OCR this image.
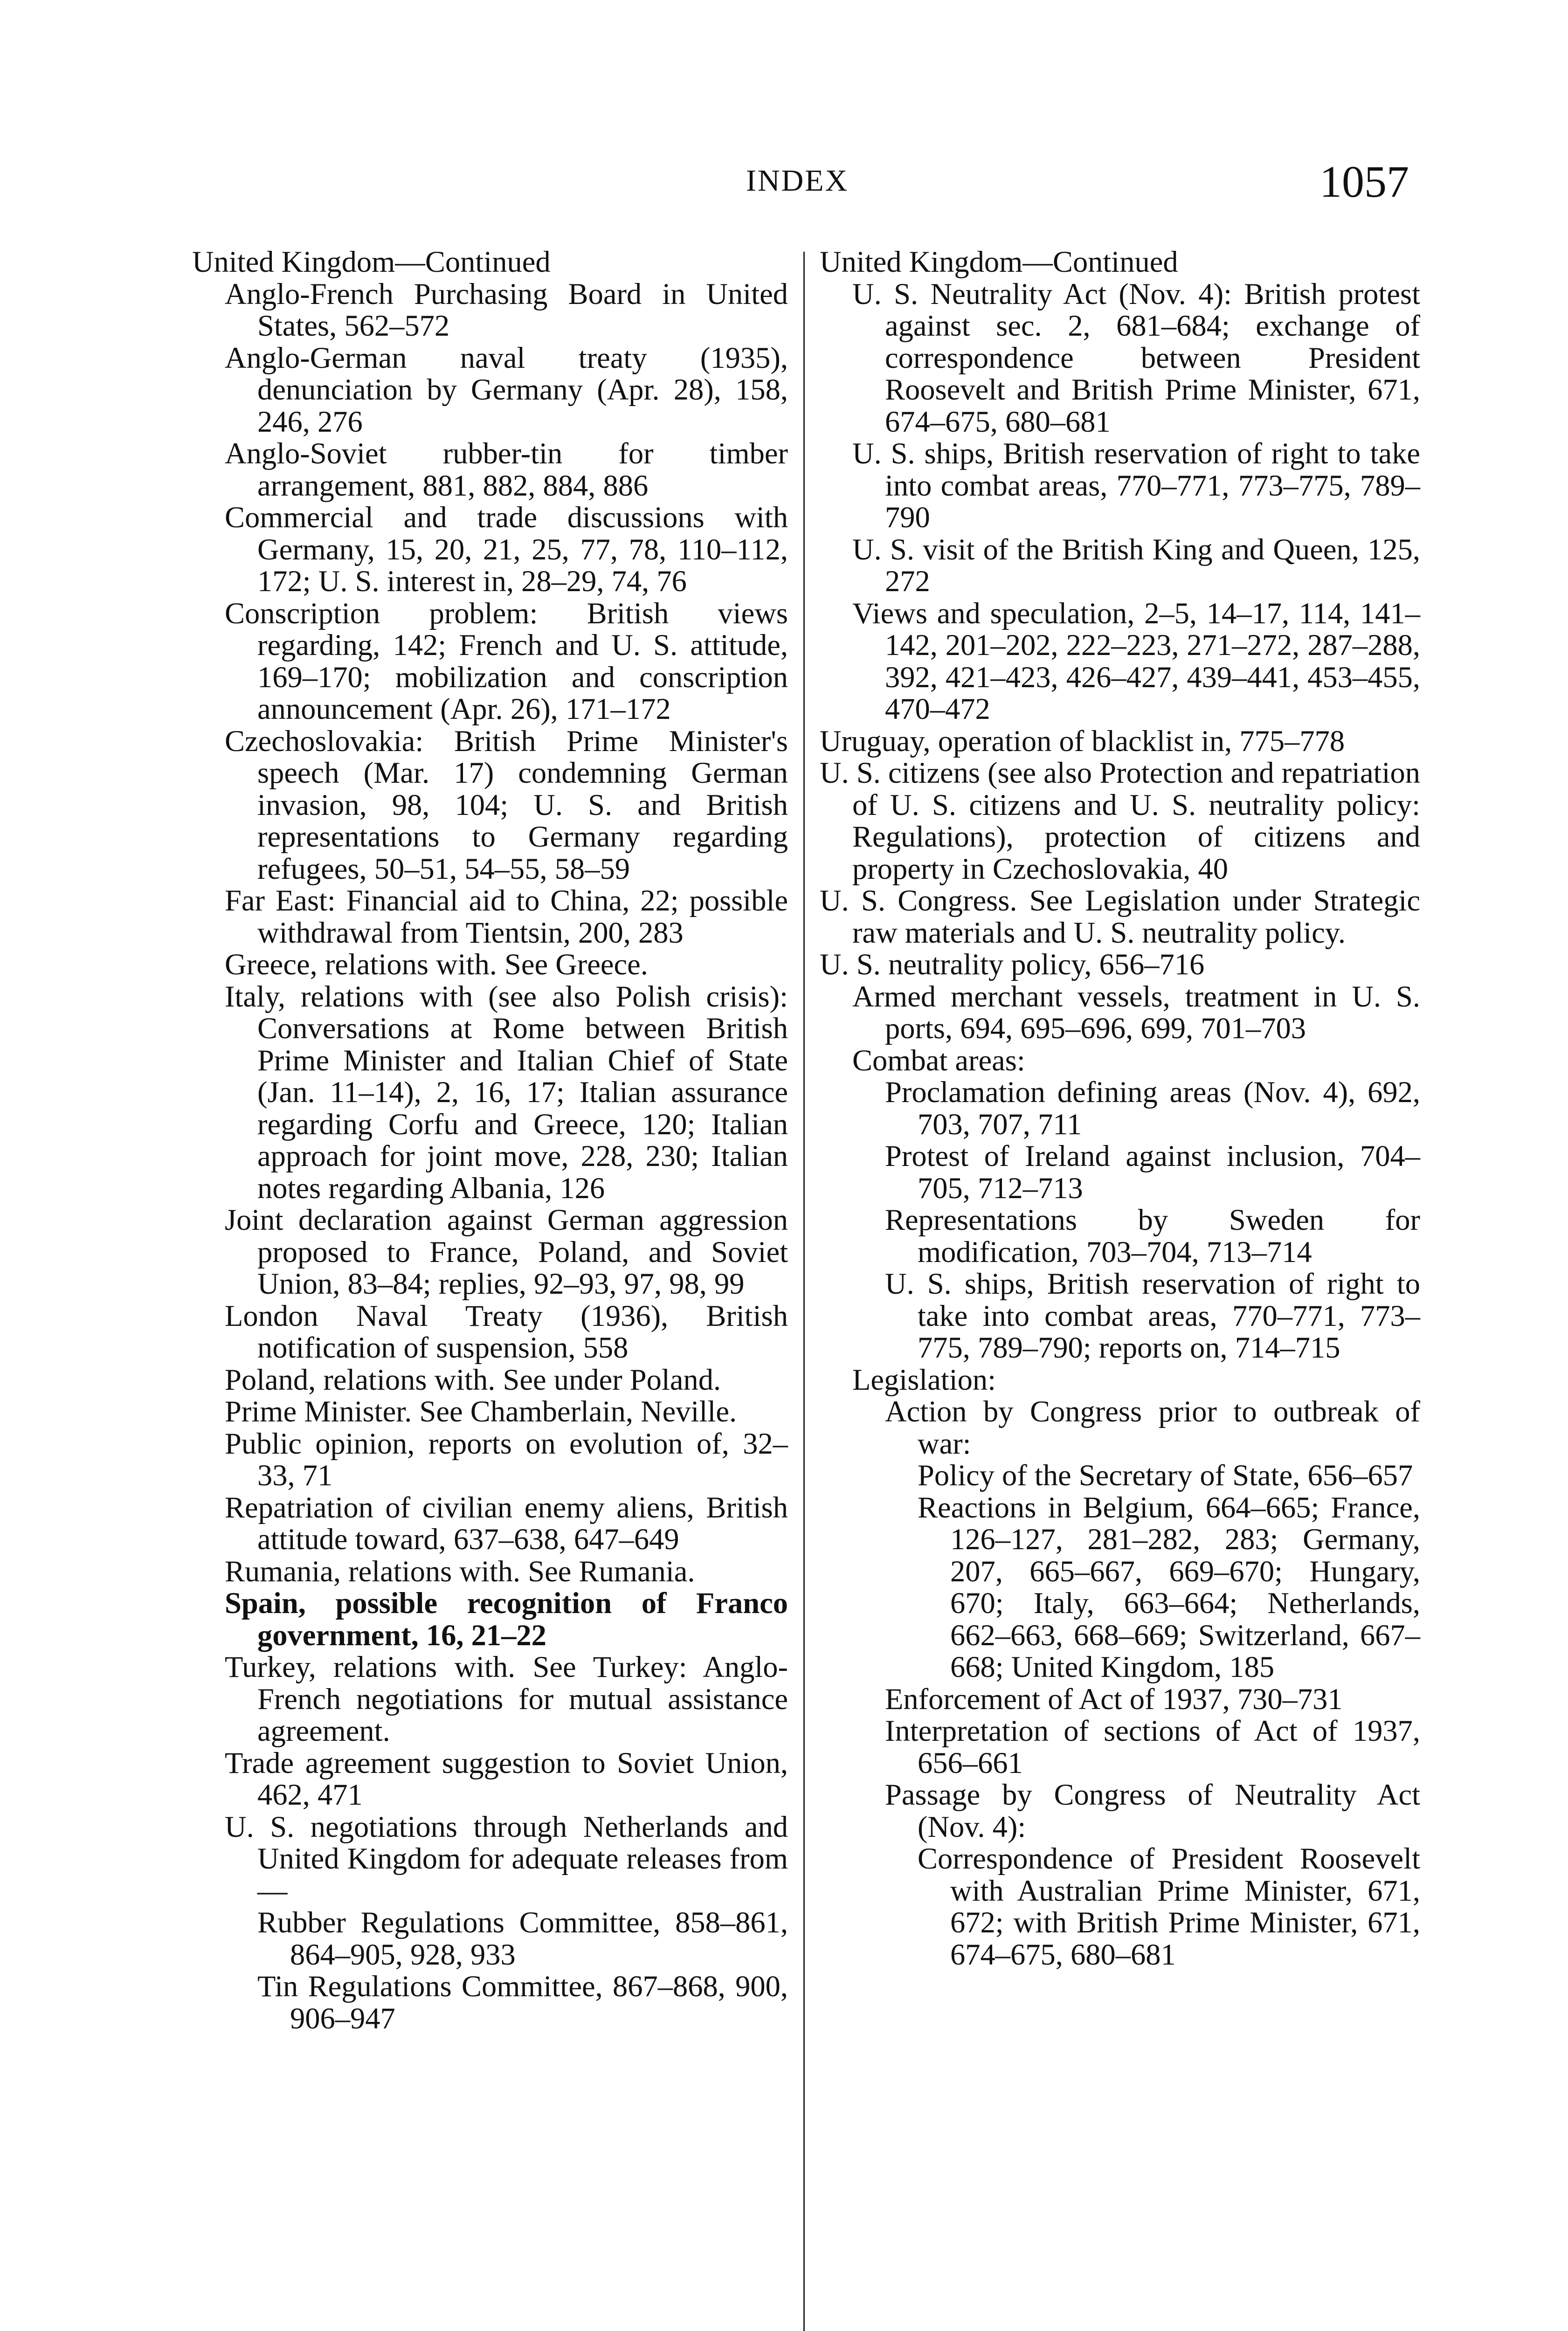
INDEX	1057
United Kingdom—Continued
Anglo-French Purchasing Board in United States, 562–572
Anglo-German naval treaty (1935), denunciation by Germany (Apr. 28), 158, 246, 276
Anglo-Soviet rubber-tin for timber arrangement, 881, 882, 884, 886
Commercial and trade discussions with Germany, 15, 20, 21, 25, 77, 78, 110–112, 172; U. S. interest in, 28–29, 74, 76
Conscription problem: British views regarding, 142; French and U. S. attitude, 169–170; mobilization and conscription announcement (Apr. 26), 171–172
Czechoslovakia: British Prime Minister's speech (Mar. 17) condemning German invasion, 98, 104; U. S. and British representations to Germany regarding refugees, 50–51, 54–55, 58–59
Far East: Financial aid to China, 22; possible withdrawal from Tientsin, 200, 283
Greece, relations with. See Greece.
Italy, relations with (see also Polish crisis): Conversations at Rome between British Prime Minister and Italian Chief of State (Jan. 11–14), 2, 16, 17; Italian assurance regarding Corfu and Greece, 120; Italian approach for joint move, 228, 230; Italian notes regarding Albania, 126
Joint declaration against German aggression proposed to France, Poland, and Soviet Union, 83–84; replies, 92–93, 97, 98, 99
London Naval Treaty (1936), British notification of suspension, 558
Poland, relations with. See under Poland.
Prime Minister. See Chamberlain, Neville.
Public opinion, reports on evolution of, 32–33, 71
Repatriation of civilian enemy aliens, British attitude toward, 637–638, 647–649
Rumania, relations with. See Rumania.
Spain, possible recognition of Franco government, 16, 21–22
Turkey, relations with. See Turkey: Anglo-French negotiations for mutual assistance agreement.
Trade agreement suggestion to Soviet Union, 462, 471
U. S. negotiations through Netherlands and United Kingdom for adequate releases from—
Rubber Regulations Committee, 858–861, 864–905, 928, 933
Tin Regulations Committee, 867–868, 900, 906–947
United Kingdom—Continued
U. S. Neutrality Act (Nov. 4): British protest against sec. 2, 681–684; exchange of correspondence between President Roosevelt and British Prime Minister, 671, 674–675, 680–681
U. S. ships, British reservation of right to take into combat areas, 770–771, 773–775, 789–790
U. S. visit of the British King and Queen, 125, 272
Views and speculation, 2–5, 14–17, 114, 141–142, 201–202, 222–223, 271–272, 287–288, 392, 421–423, 426–427, 439–441, 453–455, 470–472
Uruguay, operation of blacklist in, 775–778
U. S. citizens (see also Protection and repatriation of U. S. citizens and U. S. neutrality policy: Regulations), protection of citizens and property in Czechoslovakia, 40
U. S. Congress. See Legislation under Strategic raw materials and U. S. neutrality policy.
U. S. neutrality policy, 656–716
Armed merchant vessels, treatment in U. S. ports, 694, 695–696, 699, 701–703
Combat areas:
Proclamation defining areas (Nov. 4), 692, 703, 707, 711
Protest of Ireland against inclusion, 704–705, 712–713
Representations by Sweden for modification, 703–704, 713–714
U. S. ships, British reservation of right to take into combat areas, 770–771, 773–775, 789–790; reports on, 714–715
Legislation:
Action by Congress prior to outbreak of war:
Policy of the Secretary of State, 656–657
Reactions in Belgium, 664–665; France, 126–127, 281–282, 283; Germany, 207, 665–667, 669–670; Hungary, 670; Italy, 663–664; Netherlands, 662–663, 668–669; Switzerland, 667–668; United Kingdom, 185
Enforcement of Act of 1937, 730–731
Interpretation of sections of Act of 1937, 656–661
Passage by Congress of Neutrality Act (Nov. 4):
Correspondence of President Roosevelt with Australian Prime Minister, 671, 672; with British Prime Minister, 671, 674–675, 680–681
